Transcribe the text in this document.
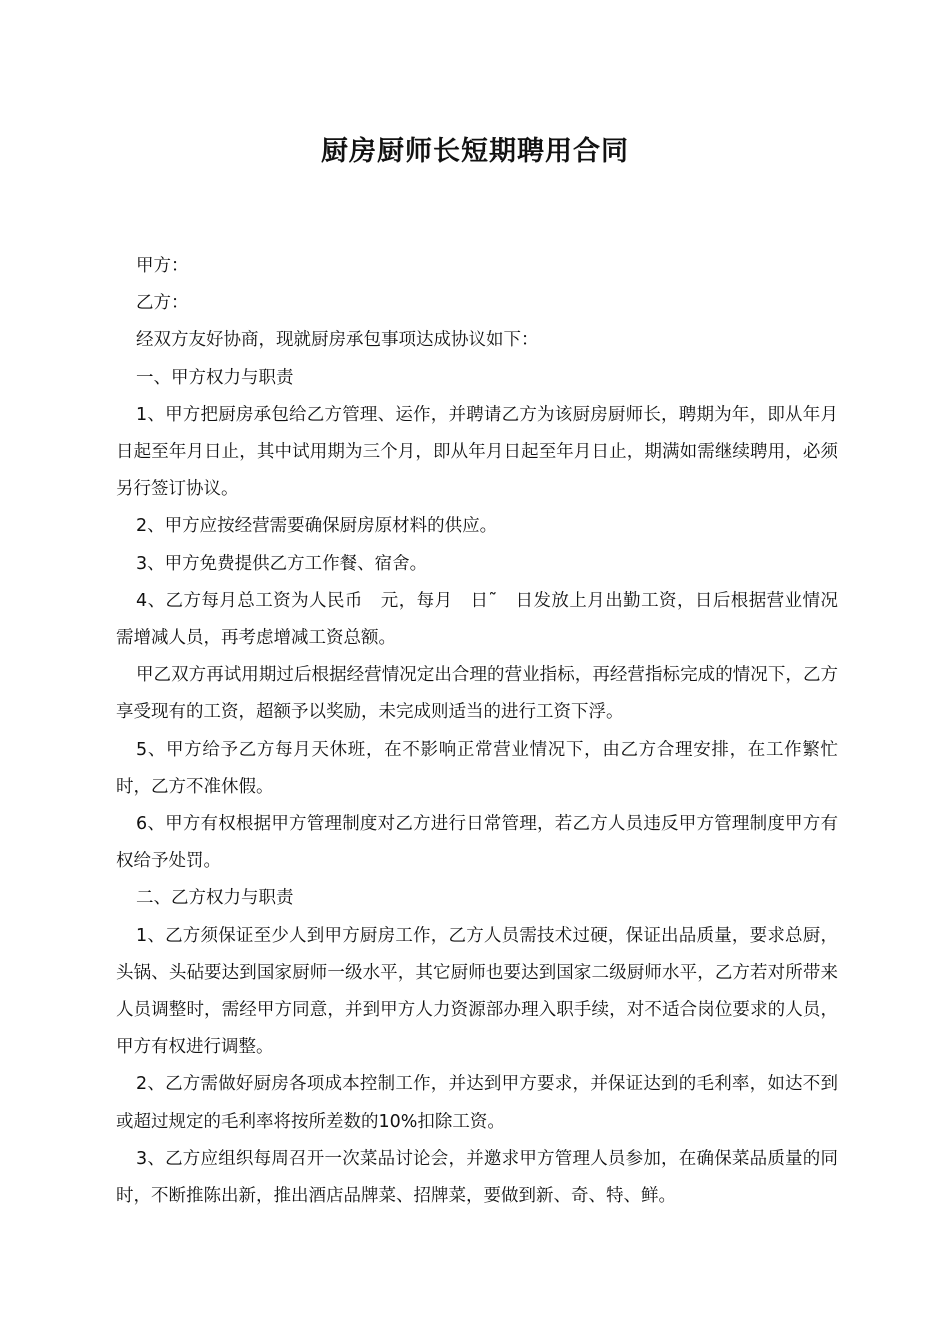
厨房厨师长短期聘用合同

甲方：

乙方：

经双方友好协商，现就厨房承包事项达成协议如下：

一、甲方权力与职责

1、甲方把厨房承包给乙方管理、运作，并聘请乙方为该厨房厨师长，聘期为年，即从年月日起至年月日止，其中试用期为三个月，即从年月日起至年月日止，期满如需继续聘用，必须另行签订协议。

2、甲方应按经营需要确保厨房原材料的供应。

3、甲方免费提供乙方工作餐、宿舍。

4、乙方每月总工资为人民币　元，每月　日˜　日发放上月出勤工资，日后根据营业情况需增减人员，再考虑增减工资总额。

甲乙双方再试用期过后根据经营情况定出合理的营业指标，再经营指标完成的情况下，乙方享受现有的工资，超额予以奖励，未完成则适当的进行工资下浮。

5、甲方给予乙方每月天休班，在不影响正常营业情况下，由乙方合理安排，在工作繁忙时，乙方不准休假。

6、甲方有权根据甲方管理制度对乙方进行日常管理，若乙方人员违反甲方管理制度甲方有权给予处罚。

二、乙方权力与职责

1、乙方须保证至少人到甲方厨房工作，乙方人员需技术过硬，保证出品质量，要求总厨，头锅、头砧要达到国家厨师一级水平，其它厨师也要达到国家二级厨师水平，乙方若对所带来人员调整时，需经甲方同意，并到甲方人力资源部办理入职手续，对不适合岗位要求的人员，甲方有权进行调整。

2、乙方需做好厨房各项成本控制工作，并达到甲方要求，并保证达到的毛利率，如达不到或超过规定的毛利率将按所差数的10%扣除工资。

3、乙方应组织每周召开一次菜品讨论会，并邀求甲方管理人员参加，在确保菜品质量的同时，不断推陈出新，推出酒店品牌菜、招牌菜，要做到新、奇、特、鲜。
